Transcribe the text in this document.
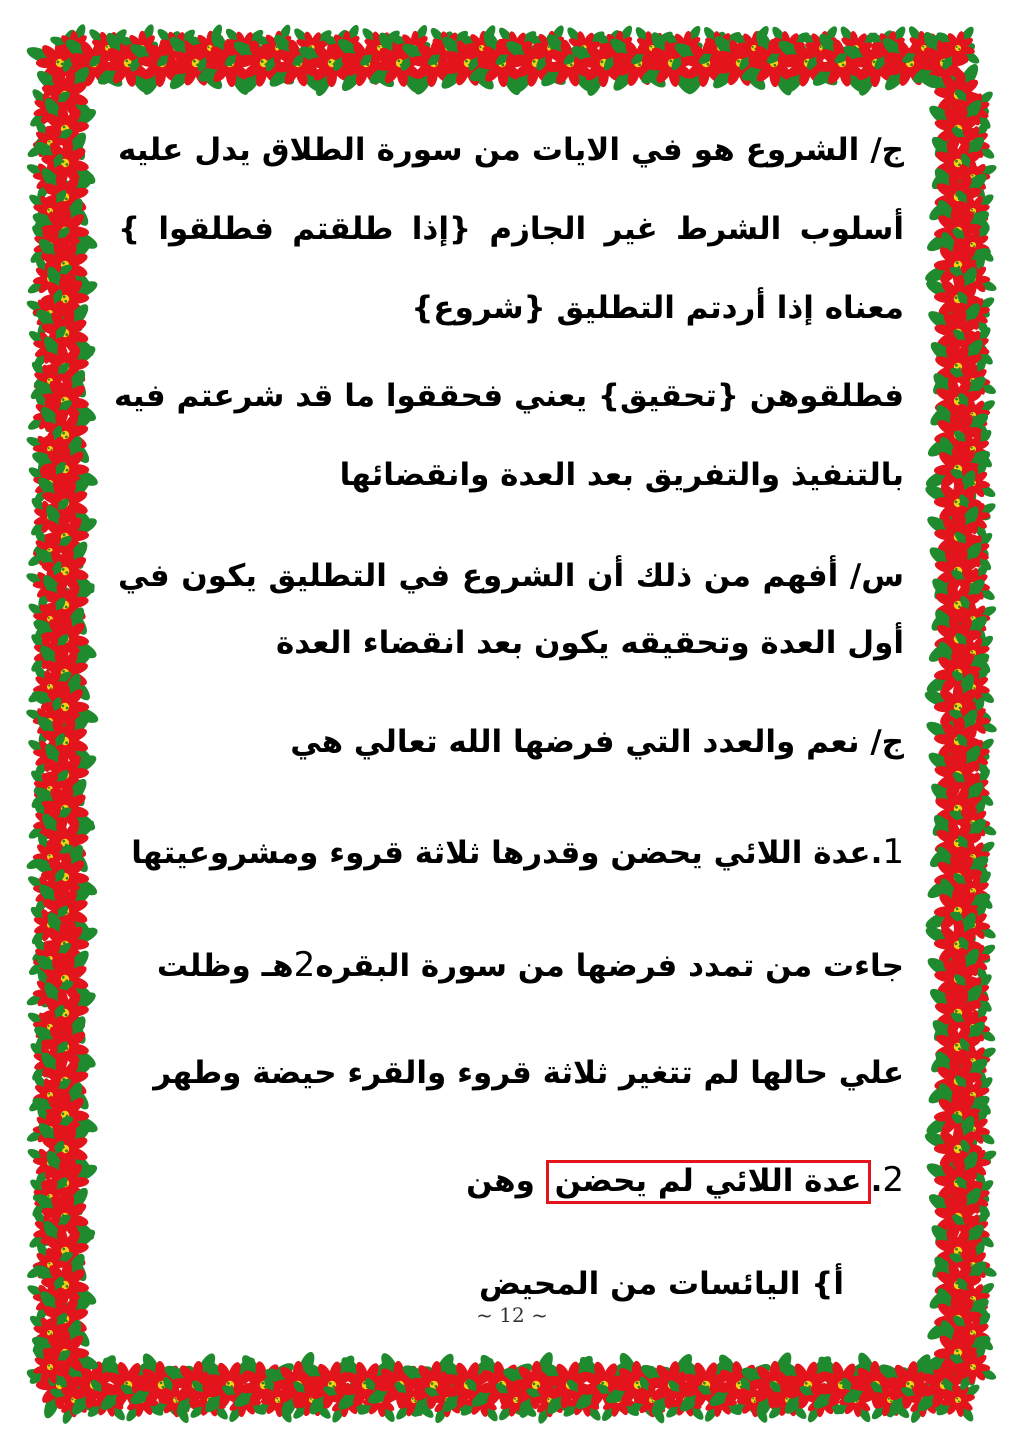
ج/ الشروع هو في الايات من سورة الطلاق يدل عليه
أسلوب الشرط غير الجازم {إذا طلقتم فطلقوا }
معناه إذا أردتم التطليق {شروع}
فطلقوهن {تحقيق} يعني فحققوا ما قد شرعتم فيه
بالتنفيذ والتفريق بعد العدة وانقضائها
س/ أفهم من ذلك أن الشروع في التطليق يكون في
أول العدة وتحقيقه يكون بعد انقضاء العدة
ج/ نعم والعدد التي فرضها الله تعالي هي
1.عدة اللائي يحضن وقدرها ثلاثة قروء ومشروعيتها
جاءت من تمدد فرضها من سورة البقره2هـ وظلت
علي حالها لم تتغير ثلاثة قروء والقرء حيضة وطهر
2.عدة اللائي لم يحضن وهن
أ} اليائسات من المحيض
~ 12 ~
